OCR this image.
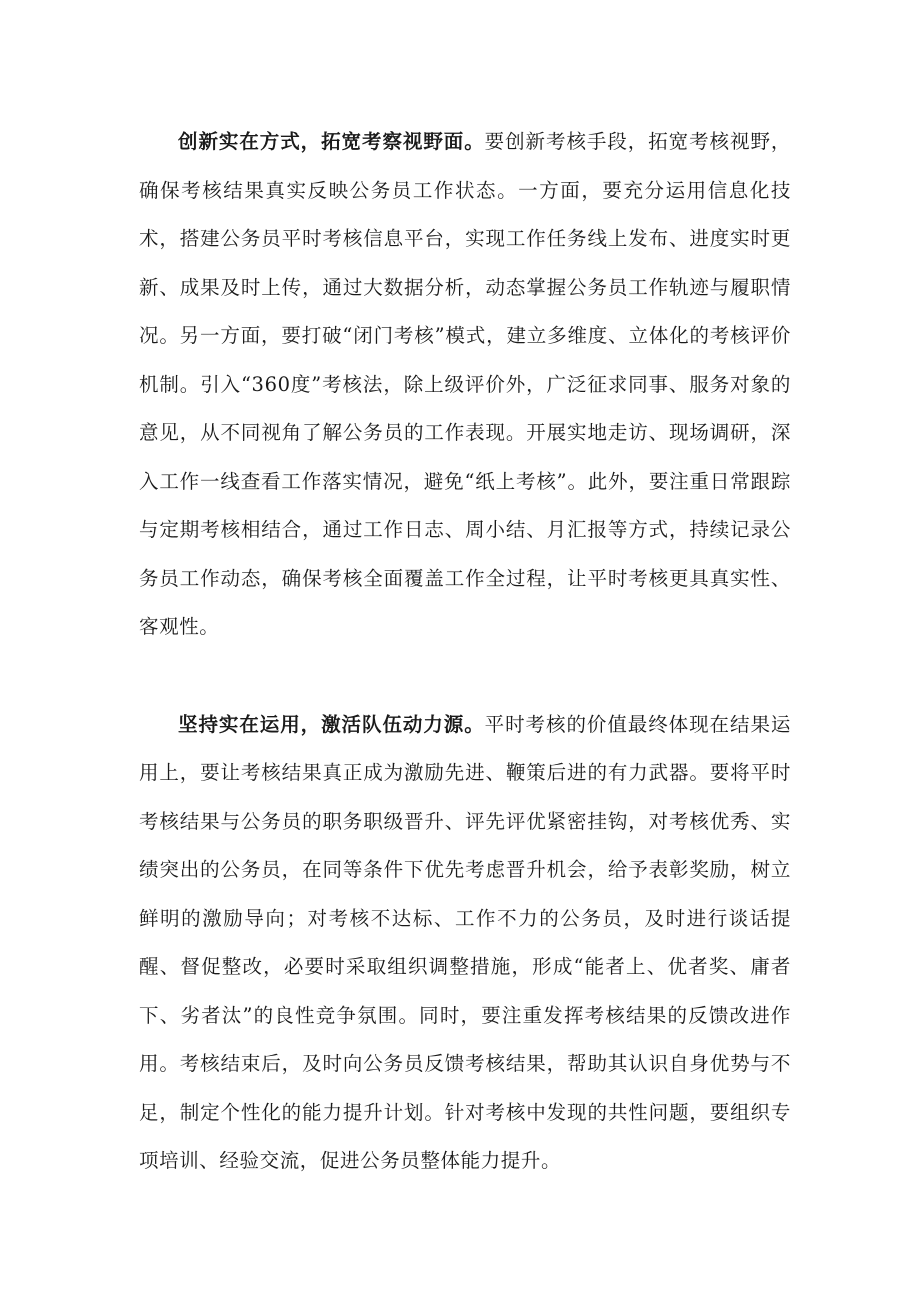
创新实在方式，拓宽考察视野面。要创新考核手段，拓宽考核视野，确保考核结果真实反映公务员工作状态。一方面，要充分运用信息化技术，搭建公务员平时考核信息平台，实现工作任务线上发布、进度实时更新、成果及时上传，通过大数据分析，动态掌握公务员工作轨迹与履职情况。另一方面，要打破“闭门考核”模式，建立多维度、立体化的考核评价机制。引入“360度”考核法，除上级评价外，广泛征求同事、服务对象的意见，从不同视角了解公务员的工作表现。开展实地走访、现场调研，深入工作一线查看工作落实情况，避免“纸上考核”。此外，要注重日常跟踪与定期考核相结合，通过工作日志、周小结、月汇报等方式，持续记录公务员工作动态，确保考核全面覆盖工作全过程，让平时考核更具真实性、客观性。

坚持实在运用，激活队伍动力源。平时考核的价值最终体现在结果运用上，要让考核结果真正成为激励先进、鞭策后进的有力武器。要将平时考核结果与公务员的职务职级晋升、评先评优紧密挂钩，对考核优秀、实绩突出的公务员，在同等条件下优先考虑晋升机会，给予表彰奖励，树立鲜明的激励导向；对考核不达标、工作不力的公务员，及时进行谈话提醒、督促整改，必要时采取组织调整措施，形成“能者上、优者奖、庸者下、劣者汰”的良性竞争氛围。同时，要注重发挥考核结果的反馈改进作用。考核结束后，及时向公务员反馈考核结果，帮助其认识自身优势与不足，制定个性化的能力提升计划。针对考核中发现的共性问题，要组织专项培训、经验交流，促进公务员整体能力提升。
